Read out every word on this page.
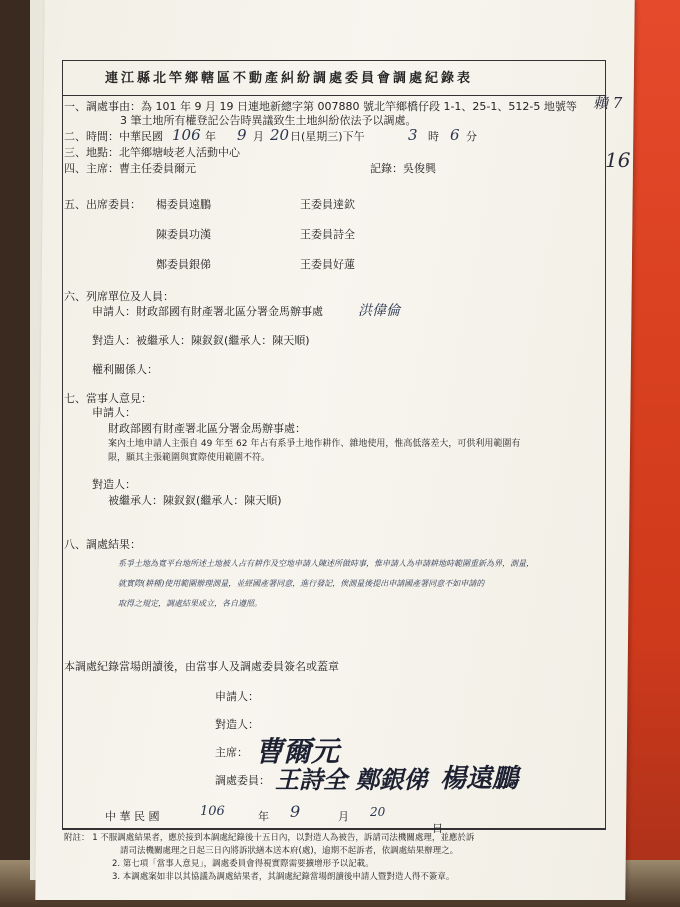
連江縣北竿鄉轄區不動產糾紛調處委員會調處紀錄表
一、調處事由：為 101 年 9 月 19 日連地新總字第 007880 號北竿鄉橋仔段 1-1、25-1、512-5 地號等
3 筆土地所有權登記公告時異議致生土地糾紛依法予以調處。
二、時間：中華民國 106 年 9 月 20 日(星期三)下午	3 時 6 分
三、地點：北竿鄉塘岐老人活動中心
四、主席：曹主任委員爾元	記錄：吳俊興
五、出席委員： 楊委員遠鵬	王委員達欽
陳委員功漢	王委員詩全
鄭委員銀俤	王委員好蓮
六、列席單位及人員：
申請人：財政部國有財產署北區分署金馬辦事處	洪偉倫
對造人：被繼承人：陳釵釵(繼承人：陳天順)
權利關係人：
七、當事人意見：
申請人：
財政部國有財產署北區分署金馬辦事處：
案內土地申請人主張自 49 年至 62 年占有系爭土地作耕作、雜地使用，惟高低落差大，可供利用範圍有
限，顯其主張範圍與實際使用範圍不符。
對造人：
被繼承人：陳釵釵(繼承人：陳天順)
八、調處結果：
系爭土地為寬平台地所述土地被人占有耕作及空地申請人陳述所做時事，惟申請人為申請耕地時範圍重新為界，測量，
就實際(耕種)使用範圍辦理測量，並經國產署同意，進行發記，俟測量後提出申請國產署同意不如申請的
取得之規定，調處結果成立，各自遵照。
本調處紀錄當場朗讀後，由當事人及調處委員簽名或蓋章
申請人：
對造人：
主席： 曹爾元
調處委員： 王詩全 鄭銀俤 楊遠鵬
中 華 民 國	106	年 9	月 20
日
附註： 1 不服調處結果者，應於接到本調處紀錄後十五日內，以對造人為被告，訴請司法機關處理，並應於訴
請司法機關處理之日起三日內將訴狀繕本送本府(處)，逾期不起訴者，依調處結果辦理之。
2. 第七項「當事人意見」，調處委員會得視實際需要擴增形予以記載。
3. 本調處案如非以其協議為調處結果者，其調處紀錄當場朗讀後申請人暨對造人得不簽章。
賴 7
16
